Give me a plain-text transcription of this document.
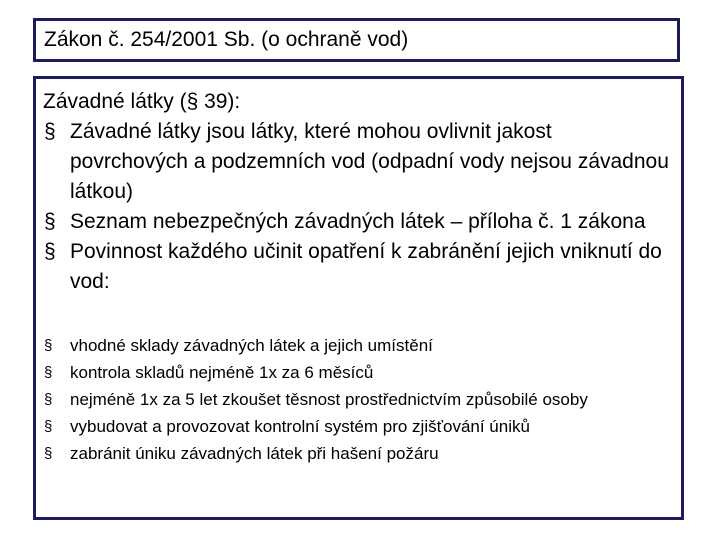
Zákon č. 254/2001 Sb. (o ochraně vod)
Závadné látky (§ 39):
§ Závadné látky jsou látky, které mohou ovlivnit jakost povrchových a podzemních vod (odpadní vody nejsou závadnou látkou)
§ Seznam nebezpečných závadných látek – příloha č. 1 zákona
§ Povinnost každého učinit opatření k zabránění jejich vniknutí do vod:
§	vhodné sklady závadných látek a jejich umístění
§	kontrola skladů nejméně 1x za 6 měsíců
§	nejméně 1x za 5 let zkoušet těsnost prostřednictvím způsobilé osoby
§	vybudovat a provozovat kontrolní systém pro zjišťování úniků
§	zabránit úniku závadných látek při hašení požáru
